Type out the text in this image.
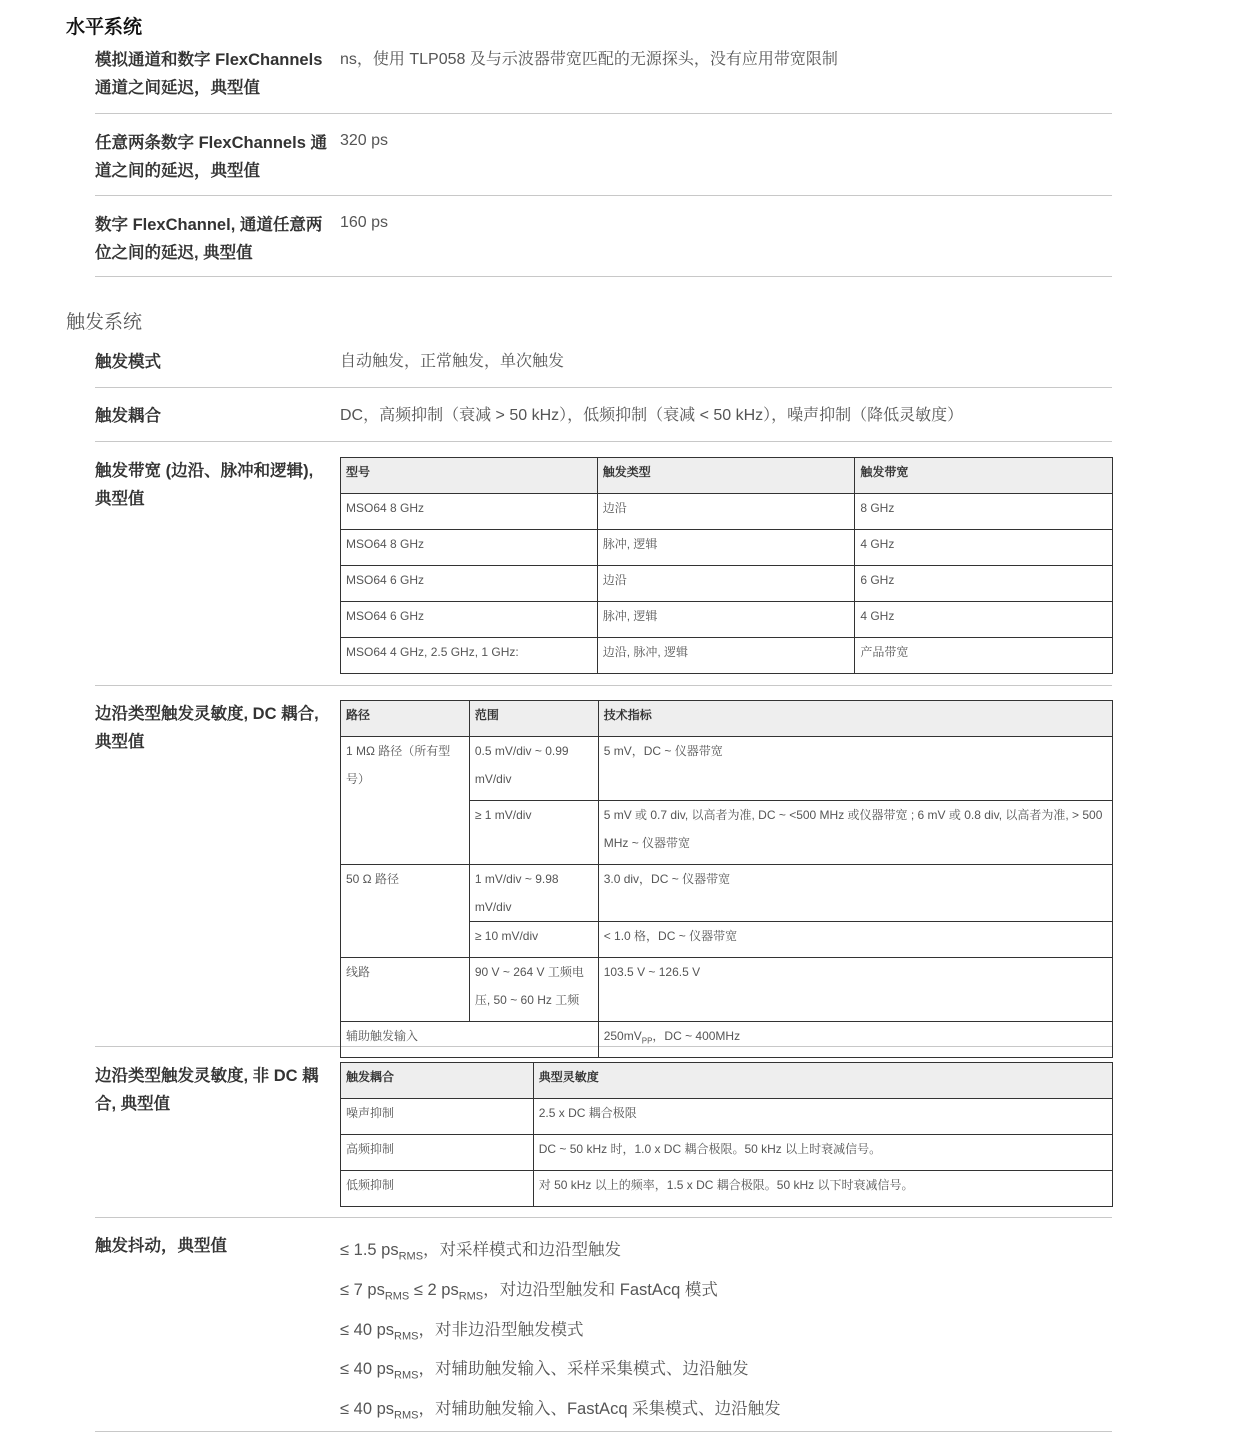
水平系统
模拟通道和数字 FlexChannels 通道之间延迟，典型值
ns，使用 TLP058 及与示波器带宽匹配的无源探头，没有应用带宽限制
任意两条数字 FlexChannels 通道之间的延迟，典型值
320 ps
数字 FlexChannel, 通道任意两位之间的延迟, 典型值
160 ps
触发系统
触发模式	自动触发，正常触发，单次触发
触发耦合	DC，高频抑制（衰减 > 50 kHz），低频抑制（衰减 < 50 kHz），噪声抑制（降低灵敏度）
触发带宽 (边沿、脉冲和逻辑), 典型值
型号	触发类型	触发带宽
MSO64 8 GHz	边沿	8 GHz
MSO64 8 GHz	脉冲, 逻辑	4 GHz
MSO64 6 GHz	边沿	6 GHz
MSO64 6 GHz	脉冲, 逻辑	4 GHz
MSO64 4 GHz, 2.5 GHz, 1 GHz:	边沿, 脉冲, 逻辑	产品带宽
边沿类型触发灵敏度, DC 耦合, 典型值
路径	范围	技术指标
1 MΩ 路径（所有型号）	0.5 mV/div ~ 0.99 mV/div	5 mV，DC ~ 仪器带宽
	≥ 1 mV/div	5 mV 或 0.7 div, 以高者为准, DC ~ <500 MHz 或仪器带宽 ; 6 mV 或 0.8 div, 以高者为准, > 500 MHz ~ 仪器带宽
50 Ω 路径	1 mV/div ~ 9.98 mV/div	3.0 div，DC ~ 仪器带宽
	≥ 10 mV/div	< 1.0 格，DC ~ 仪器带宽
线路	90 V ~ 264 V 工频电压, 50 ~ 60 Hz 工频	103.5 V ~ 126.5 V
辅助触发输入		$250mV_{PP}$，DC ~ 400MHz
边沿类型触发灵敏度, 非 DC 耦合, 典型值
触发耦合	典型灵敏度
噪声抑制	2.5 x DC 耦合极限
高频抑制	DC ~ 50 kHz 时，1.0 x DC 耦合极限。50 kHz 以上时衰减信号。
低频抑制	对 50 kHz 以上的频率，1.5 x DC 耦合极限。50 kHz 以下时衰减信号。
触发抖动，典型值	≤ 1.5 $ps_{RMS}$，对采样模式和边沿型触发
≤ 7 $ps_{RMS} \le 2$ $ps_{RMS}$，对边沿型触发和 FastAcq 模式
≤ 40 $ps_{RMS}$，对非边沿型触发模式
≤ 40 $ps_{RMS}$，对辅助触发输入、采样采集模式、边沿触发
≤ 40 $ps_{RMS}$，对辅助触发输入、FastAcq 采集模式、边沿触发
